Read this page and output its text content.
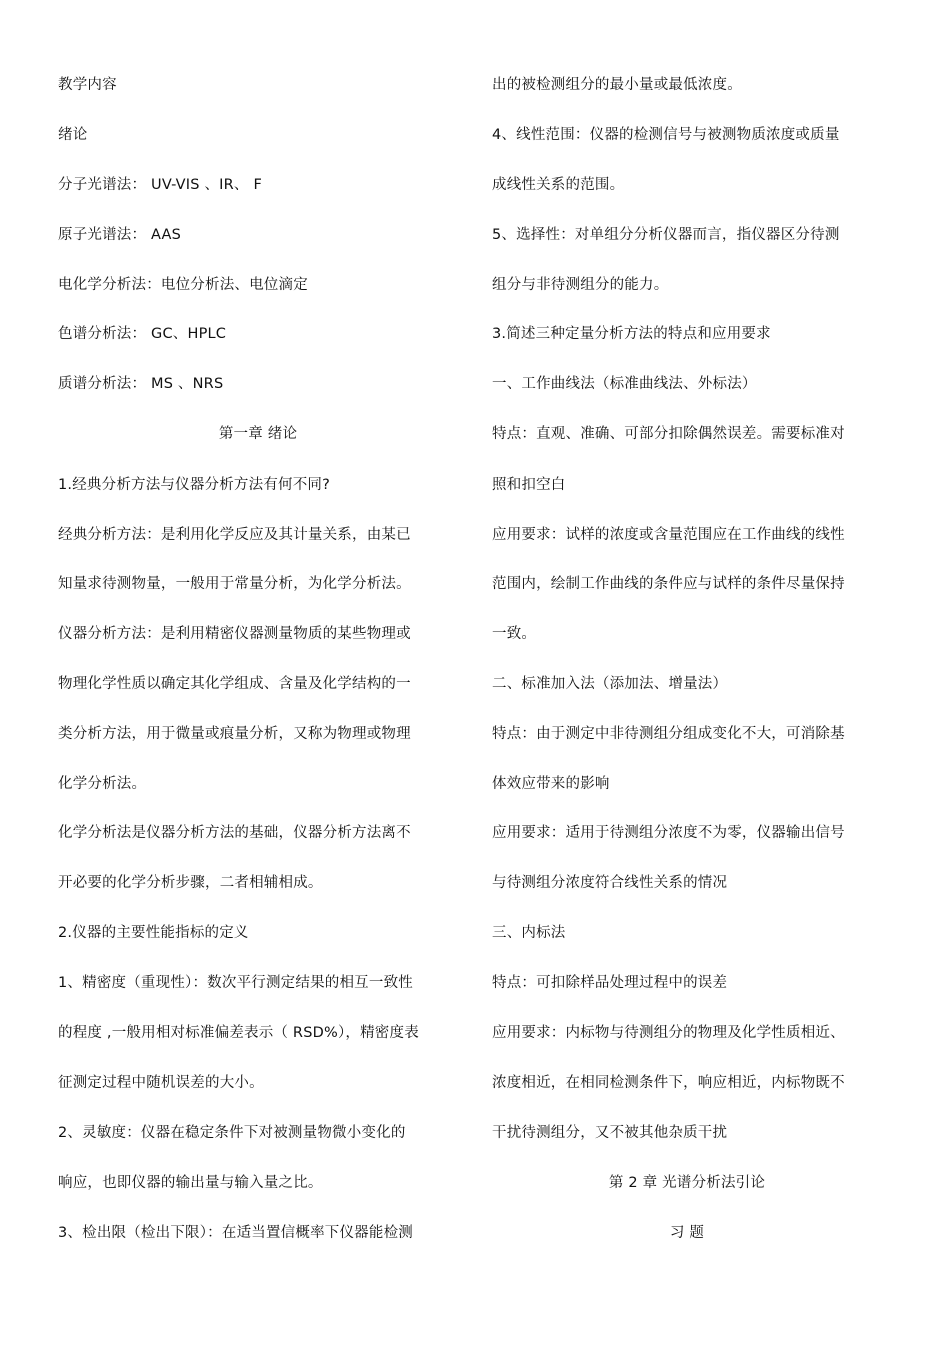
教学内容
绪论
分子光谱法： UV-VIS 、IR、 F
原子光谱法： AAS
电化学分析法：电位分析法、电位滴定
色谱分析法： GC、HPLC
质谱分析法： MS 、NRS
第一章 绪论
1.经典分析方法与仪器分析方法有何不同?
经典分析方法：是利用化学反应及其计量关系，由某已
知量求待测物量，一般用于常量分析，为化学分析法。
仪器分析方法：是利用精密仪器测量物质的某些物理或
物理化学性质以确定其化学组成、含量及化学结构的一
类分析方法，用于微量或痕量分析，又称为物理或物理
化学分析法。
化学分析法是仪器分析方法的基础，仪器分析方法离不
开必要的化学分析步骤，二者相辅相成。
2.仪器的主要性能指标的定义
1、精密度（重现性）：数次平行测定结果的相互一致性
的程度 ,一般用相对标准偏差表示（ RSD%），精密度表
征测定过程中随机误差的大小。
2、灵敏度：仪器在稳定条件下对被测量物微小变化的
响应，也即仪器的输出量与输入量之比。
3、检出限（检出下限）：在适当置信概率下仪器能检测
出的被检测组分的最小量或最低浓度。
4、线性范围：仪器的检测信号与被测物质浓度或质量
成线性关系的范围。
5、选择性：对单组分分析仪器而言，指仪器区分待测
组分与非待测组分的能力。
3.简述三种定量分析方法的特点和应用要求
一、工作曲线法（标准曲线法、外标法）
特点：直观、准确、可部分扣除偶然误差。需要标准对
照和扣空白
应用要求：试样的浓度或含量范围应在工作曲线的线性
范围内，绘制工作曲线的条件应与试样的条件尽量保持
一致。
二、标准加入法（添加法、增量法）
特点：由于测定中非待测组分组成变化不大，可消除基
体效应带来的影响
应用要求：适用于待测组分浓度不为零，仪器输出信号
与待测组分浓度符合线性关系的情况
三、内标法
特点：可扣除样品处理过程中的误差
应用要求：内标物与待测组分的物理及化学性质相近、
浓度相近，在相同检测条件下，响应相近，内标物既不
干扰待测组分，又不被其他杂质干扰
第 2 章 光谱分析法引论
习 题
